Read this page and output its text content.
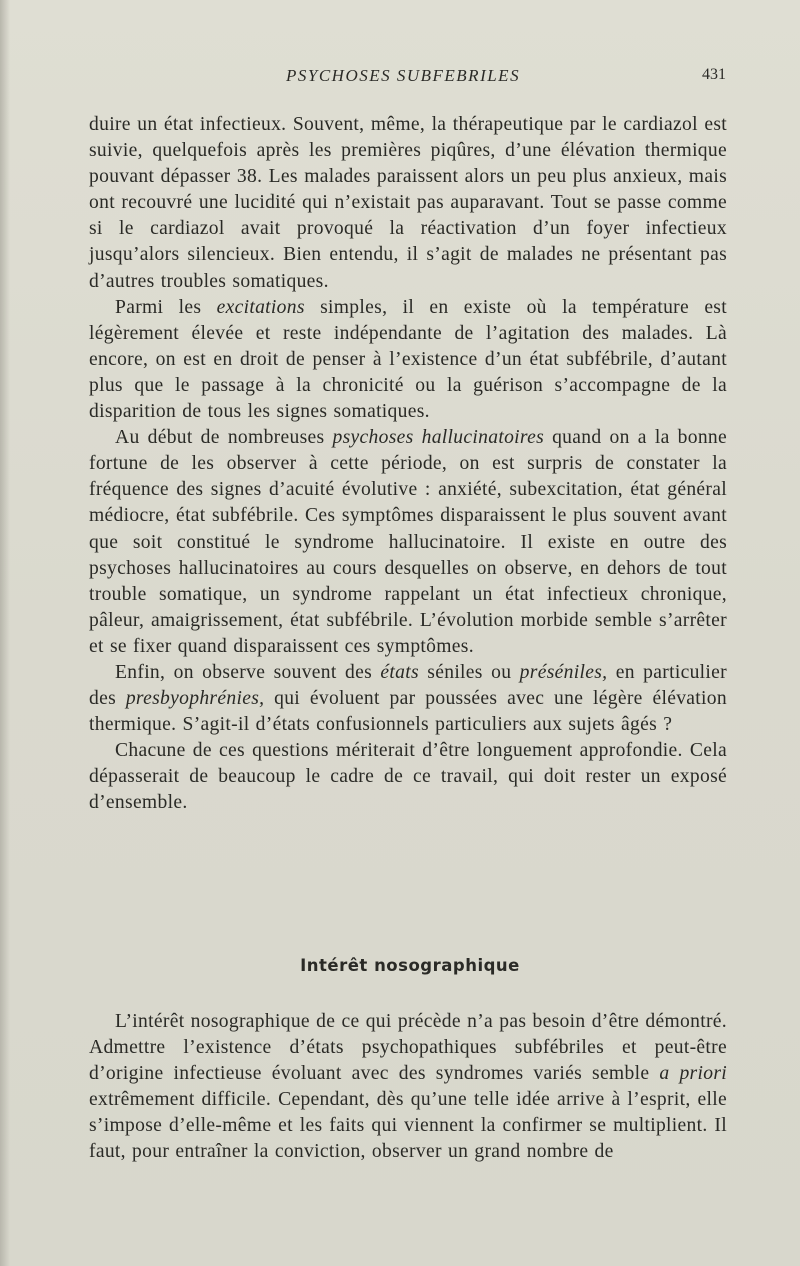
PSYCHOSES SUBFEBRILES	431

duire un état infectieux. Souvent, même, la thérapeutique par le cardiazol est suivie, quelquefois après les premières piqûres, d’une élévation thermique pouvant dépasser 38. Les malades paraissent alors un peu plus anxieux, mais ont recouvré une lucidité qui n’existait pas auparavant. Tout se passe comme si le cardiazol avait provoqué la réactivation d’un foyer infectieux jusqu’alors silencieux. Bien entendu, il s’agit de malades ne présentant pas d’autres troubles somatiques.

Parmi les excitations simples, il en existe où la température est légèrement élevée et reste indépendante de l’agitation des malades. Là encore, on est en droit de penser à l’existence d’un état subfébrile, d’autant plus que le passage à la chronicité ou la guérison s’accompagne de la disparition de tous les signes somatiques.

Au début de nombreuses psychoses hallucinatoires quand on a la bonne fortune de les observer à cette période, on est surpris de constater la fréquence des signes d’acuité évolutive : anxiété, subexcitation, état général médiocre, état subfébrile. Ces symptômes disparaissent le plus souvent avant que soit constitué le syndrome hallucinatoire. Il existe en outre des psychoses hallucinatoires au cours desquelles on observe, en dehors de tout trouble somatique, un syndrome rappelant un état infectieux chronique, pâleur, amaigrissement, état subfébrile. L’évolution morbide semble s’arrêter et se fixer quand disparaissent ces symptômes.

Enfin, on observe souvent des états séniles ou préséniles, en particulier des presbyophrénies, qui évoluent par poussées avec une légère élévation thermique. S’agit-il d’états confusionnels particuliers aux sujets âgés ?

Chacune de ces questions mériterait d’être longuement approfondie. Cela dépasserait de beaucoup le cadre de ce travail, qui doit rester un exposé d’ensemble.

Intérêt nosographique

L’intérêt nosographique de ce qui précède n’a pas besoin d’être démontré. Admettre l’existence d’états psychopathiques subfébriles et peut-être d’origine infectieuse évoluant avec des syndromes variés semble a priori extrêmement difficile. Cependant, dès qu’une telle idée arrive à l’esprit, elle s’impose d’elle-même et les faits qui viennent la confirmer se multiplient. Il faut, pour entraîner la conviction, observer un grand nombre de
